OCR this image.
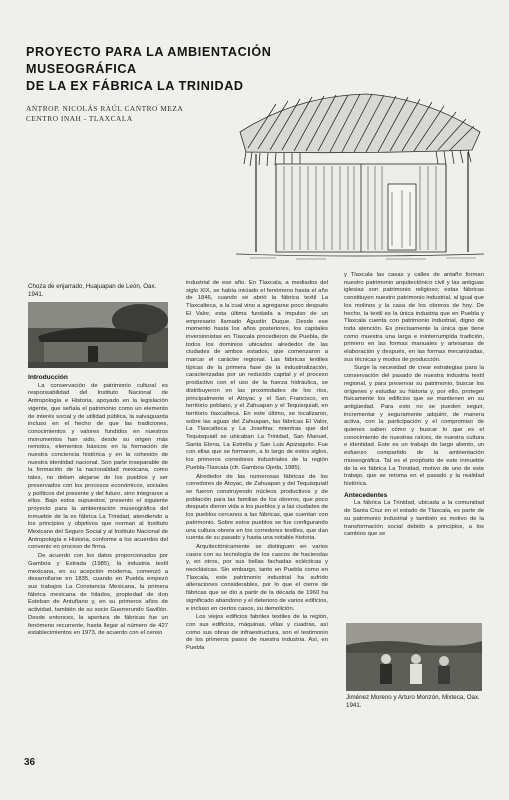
PROYECTO PARA LA AMBIENTACIÓN MUSEOGRÁFICA
DE LA EX FÁBRICA LA TRINIDAD
ANTROP. NICOLÁS RAÚL CANTRO MEZA
CENTRO INAH - TLAXCALA
Choza de enjarrado, Huajuapan de León, Oax. 1941.
Jiménez Moreno y Arturo Monzón, Mixteca, Oax. 1941.
Introducción

La conservación de patrimonio cultural es responsabilidad del Instituto Nacional de Antropología e Historia, apoyado en la legislación vigente, que señala el patrimonio como un elemento de interés social y de utilidad pública, la salvaguarda incluso en el hecho de que las tradiciones, conocimientos y valores fundidos en nuestros monumentos han sido, desde su origen más remotos, elementos básicos en la formación de nuestra conciencia histórica y en la cohesión de nuestra identidad nacional. Son parte inseparable de la formación de la nacionalidad mexicana, como tales, no deben alejarse de los pueblos y ser preservados con los procesos económicos, sociales y políticos del presente y del futuro, sino integrarse a ellos. Bajo estos supuestos, presento el siguiente proyecto para la ambientación museográfica del inmueble de la ex fábrica La Trinidad, atendiendo a los principios y objetivos que norman al Instituto Mexicano del Seguro Social y al Instituto Nacional de Antropología e Historia, conforme a los acuerdos del convenio en proceso de firma.

De acuerdo con los datos proporcionados por Gamboa y Estrada (1985), la industria textil mexicana, en su acepción moderna, comenzó a desarrollarse en 1835, cuando en Puebla empezó sus trabajos La Constancia Mexicana, la primera fábrica mexicana de hilados, propiedad de don Esteban de Antuñano y, en su primeros años de actividad, también de su socio Guerrerundo Savillón. Desde entonces, la apertura de fábricas fue un fenómeno recurrente, hasta llegar al número de 427 establecimientos en 1973, de acuerdo con el censo

industrial de ese año. En Tlaxcala, a mediados del siglo XIX, se había iniciado el fenómeno hasta el año de 1846, cuando se abrió la fábrica textil La Tlaxcalteca, a la cual vino a agregarse poco después El Valor, esta última fundada a impulso de un empresario llamado Agustín Duque. Desde ese momento hasta los años posteriores, los capitales inversionistas en Tlaxcala procedieron de Puebla, de todos los dominios ubicados alrededor de las ciudades de ambos estados, que comenzaron a marcar el carácter regional. Las fábricas textiles típicas de la primera fase de la industrialización, caracterizadas por un reducido capital y el proceso productivo con el uso de la fuerza hidráulica, se distribuyeron en las proximidades de los ríos, principalmente el Atoyac y el San Francisco, en territorio poblano, y el Zahuapan y el Tequisquiatl, en territorio tlaxcalteca. En este último, se localizaron, sobre las aguas del Zahuapan, las fábricas El Valor, La Tlaxcalteca y La Josefina; mientras que del Tequisquiatl se ubicaban La Trinidad, San Manuel, Santa Elena, La Estrella y San Luis Apizaquito. Fue con ellas que se formaron, a lo largo de estos siglos, los primeros corredores industriales de la región Puebla-Tlaxcala (cfr. Gamboa Ojeda, 1985).

Alrededor de las numerosas fábricas de los corredores de Atoyac, de Zahuapan y del Tequisquiatl se fueron construyendo núcleos productivos y de población para las familias de los obreros, que poco después dieron vida a los pueblos y a las ciudades de los pueblos cercanos a las fábricas, que cuentan con patrimonio. Sobre estos pueblos se fue configurando una cultura obrera en los corredores textiles, que dan cuenta de su pasado y hasta una notable historia.

Arquitectónicamente se distinguen en varios casos con su tecnología de los cascos de haciendas y, en otros, por sus bellas fachadas eclécticas y neoclásicas. Sin embargo, tanto en Puebla como en Tlaxcala, este patrimonio industrial ha sufrido alteraciones considerables, por lo que el cierre de fábricas que se dio a partir de la década de 1960 ha significado abandono y el deterioro de varios edificios, e incluso en ciertos casos, su demolición.

Los viejos edificios fabriles textiles de la región, con sus edificios, máquinas, villas y cuadras, así como sus obras de infraestructura, son el testimonio de los primeros pasos de nuestra industria. Así, en Puebla

y Tlaxcala las casas y calles de antaño forman nuestro patrimonio arquitectónico civil y las antiguas iglesias son patrimonio religioso; estas fábricas constituyen nuestro patrimonio industrial, al igual que los molinos y la casa de los obreros de hoy. De hecho, la textil es la única industria que en Puebla y Tlaxcala cuenta con patrimonio industrial, digno de toda atención. Es precisamente la única que tiene como muestra una larga e ininterrumpida tradición, primero en las formas manuales y artesanas de elaboración y después, en las formas mecanizadas, sus técnicas y modos de producción.

Surge la necesidad de crear estrategias para la conservación del pasado de nuestra industria textil regional, y para preservar su patrimonio, buscar los orígenes y estudiar su historia y, por ello, proteger físicamente los edificios que se mantienen en su antigüedad. Para esto no se pueden seguir, incrementar y seguramente adquirir, de manera activa, con la participación y el compromiso de quienes saben cómo y buscar lo que es el conocimiento de nuestras raíces, de nuestra cultura e identidad. Este es un trabajo de largo aliento, un esfuerzo compartido de la ambientación museográfica. Tal es el propósito de este inmueble de la ex fábrica La Trinidad, motivo de uno de este trabajo, que se retoma en el pasado y la realidad histórica.

Antecedentes

La fábrica La Trinidad, ubicada a la comunidad de Santa Cruz en el estado de Tlaxcala, es parte de su patrimonio industrial y también es motivo de la transformación social debido a principios, a los cambios que se

36
